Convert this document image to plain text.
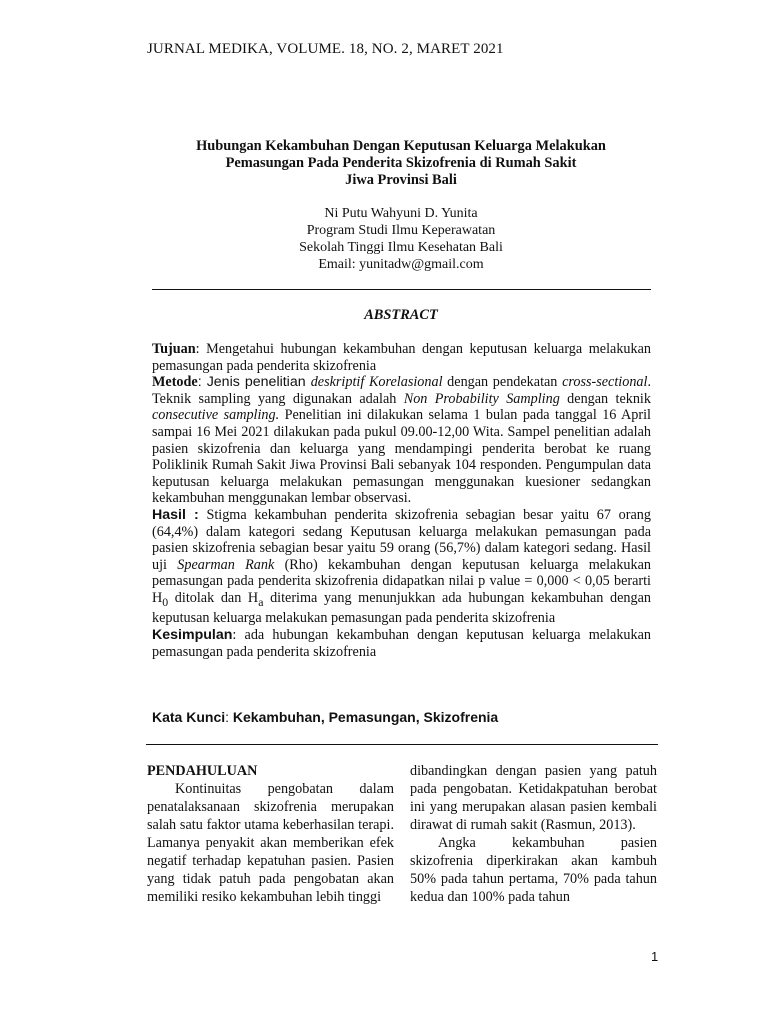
JURNAL MEDIKA, VOLUME. 18, NO. 2, MARET 2021
Hubungan Kekambuhan Dengan Keputusan Keluarga Melakukan
Pemasungan Pada Penderita Skizofrenia di Rumah Sakit
Jiwa Provinsi Bali
Ni Putu Wahyuni D. Yunita
Program Studi Ilmu Keperawatan
Sekolah Tinggi Ilmu Kesehatan Bali
Email: yunitadw@gmail.com
ABSTRACT

Tujuan: Mengetahui hubungan kekambuhan dengan keputusan keluarga melakukan pemasungan pada penderita skizofrenia

Metode: Jenis penelitian deskriptif Korelasional dengan pendekatan cross-sectional. Teknik sampling yang digunakan adalah Non Probability Sampling dengan teknik consecutive sampling. Penelitian ini dilakukan selama 1 bulan pada tanggal 16 April sampai 16 Mei 2021 dilakukan pada pukul 09.00-12,00 Wita. Sampel penelitian adalah pasien skizofrenia dan keluarga yang mendampingi penderita berobat ke ruang Poliklinik Rumah Sakit Jiwa Provinsi Bali sebanyak 104 responden. Pengumpulan data keputusan keluarga melakukan pemasungan menggunakan kuesioner sedangkan kekambuhan menggunakan lembar observasi.

Hasil : Stigma kekambuhan penderita skizofrenia sebagian besar yaitu 67 orang (64,4%) dalam kategori sedang Keputusan keluarga melakukan pemasungan pada pasien skizofrenia sebagian besar yaitu 59 orang (56,7%) dalam kategori sedang. Hasil uji Spearman Rank (Rho) kekambuhan dengan keputusan keluarga melakukan pemasungan pada penderita skizofrenia didapatkan nilai p value = 0,000 < 0,05 berarti $H_0$ ditolak dan $H_a$ diterima yang menunjukkan ada hubungan kekambuhan dengan keputusan keluarga melakukan pemasungan pada penderita skizofrenia

Kesimpulan: ada hubungan kekambuhan dengan keputusan keluarga melakukan pemasungan pada penderita skizofrenia

Kata Kunci: Kekambuhan, Pemasungan, Skizofrenia

PENDAHULUAN

Kontinuitas pengobatan dalam penatalaksanaan skizofrenia merupakan salah satu faktor utama keberhasilan terapi. Lamanya penyakit akan memberikan efek negatif terhadap kepatuhan pasien. Pasien yang tidak patuh pada pengobatan akan memiliki resiko kekambuhan lebih tinggi

dibandingkan dengan pasien yang patuh pada pengobatan. Ketidakpatuhan berobat ini yang merupakan alasan pasien kembali dirawat di rumah sakit (Rasmun, 2013).

Angka kekambuhan pasien skizofrenia diperkirakan akan kambuh 50% pada tahun pertama, 70% pada tahun kedua dan 100% pada tahun

1
